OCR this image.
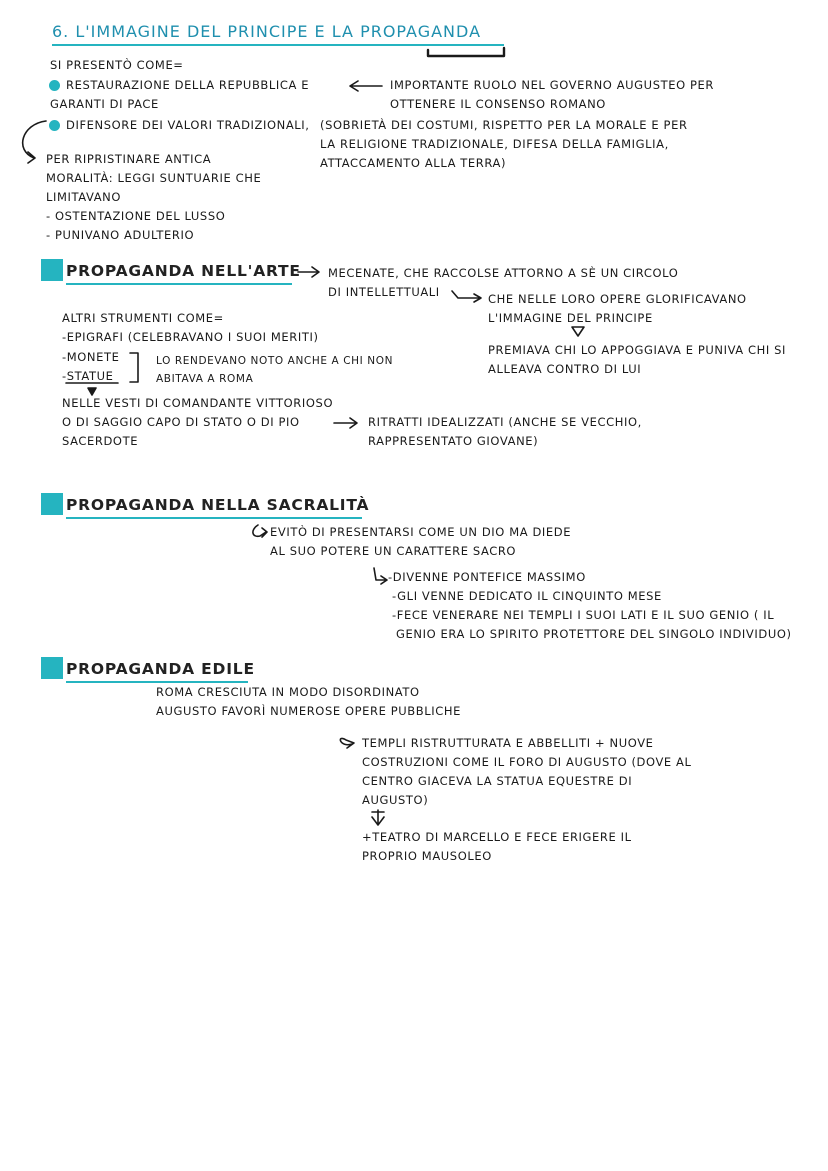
6. L'IMMAGINE DEL PRINCIPE E LA PROPAGANDA
SI PRESENTÒ COME=
RESTAURAZIONE DELLA REPUBBLICA E
GARANTI DI PACE
IMPORTANTE RUOLO NEL GOVERNO AUGUSTEO PER
OTTENERE IL CONSENSO ROMANO
DIFENSORE DEI VALORI TRADIZIONALI, (SOBRIETÀ DEI COSTUMI, RISPETTO PER LA MORALE E PER
LA RELIGIONE TRADIZIONALE, DIFESA DELLA FAMIGLIA,
ATTACCAMENTO ALLA TERRA)
PER RIPRISTINARE ANTICA
MORALITÀ: LEGGI SUNTUARIE CHE
LIMITAVANO
- OSTENTAZIONE DEL LUSSO
- PUNIVANO ADULTERIO
PROPAGANDA NELL'ARTE MECENATE, CHE RACCOLSE ATTORNO A SÈ UN CIRCOLO
DI INTELLETTUALI	CHE NELLE LORO OPERE GLORIFICAVANO
L'IMMAGINE DEL PRINCIPE
PREMIAVA CHI LO APPOGGIAVA E PUNIVA CHI SI
ALLEAVA CONTRO DI LUI
ALTRI STRUMENTI COME=
-EPIGRAFI (CELEBRAVANO I SUOI MERITI)
-MONETE
-STATUE
LO RENDEVANO NOTO ANCHE A CHI NON
ABITAVA A ROMA
NELLE VESTI DI COMANDANTE VITTORIOSO
O DI SAGGIO CAPO DI STATO O DI PIO
SACERDOTE
RITRATTI IDEALIZZATI (ANCHE SE VECCHIO,
RAPPRESENTATO GIOVANE)
PROPAGANDA NELLA SACRALITÀ
EVITÒ DI PRESENTARSI COME UN DIO MA DIEDE
AL SUO POTERE UN CARATTERE SACRO
-DIVENNE PONTEFICE MASSIMO
-GLI VENNE DEDICATO IL CINQUINTO MESE
-FECE VENERARE NEI TEMPLI I SUOI LATI E IL SUO GENIO ( IL
GENIO ERA LO SPIRITO PROTETTORE DEL SINGOLO INDIVIDUO)
PROPAGANDA EDILE
ROMA CRESCIUTA IN MODO DISORDINATO
AUGUSTO FAVORÌ NUMEROSE OPERE PUBBLICHE
TEMPLI RISTRUTTURATA E ABBELLITI + NUOVE
COSTRUZIONI COME IL FORO DI AUGUSTO (DOVE AL
CENTRO GIACEVA LA STATUA EQUESTRE DI
AUGUSTO)
+TEATRO DI MARCELLO E FECE ERIGERE IL
PROPRIO MAUSOLEO
